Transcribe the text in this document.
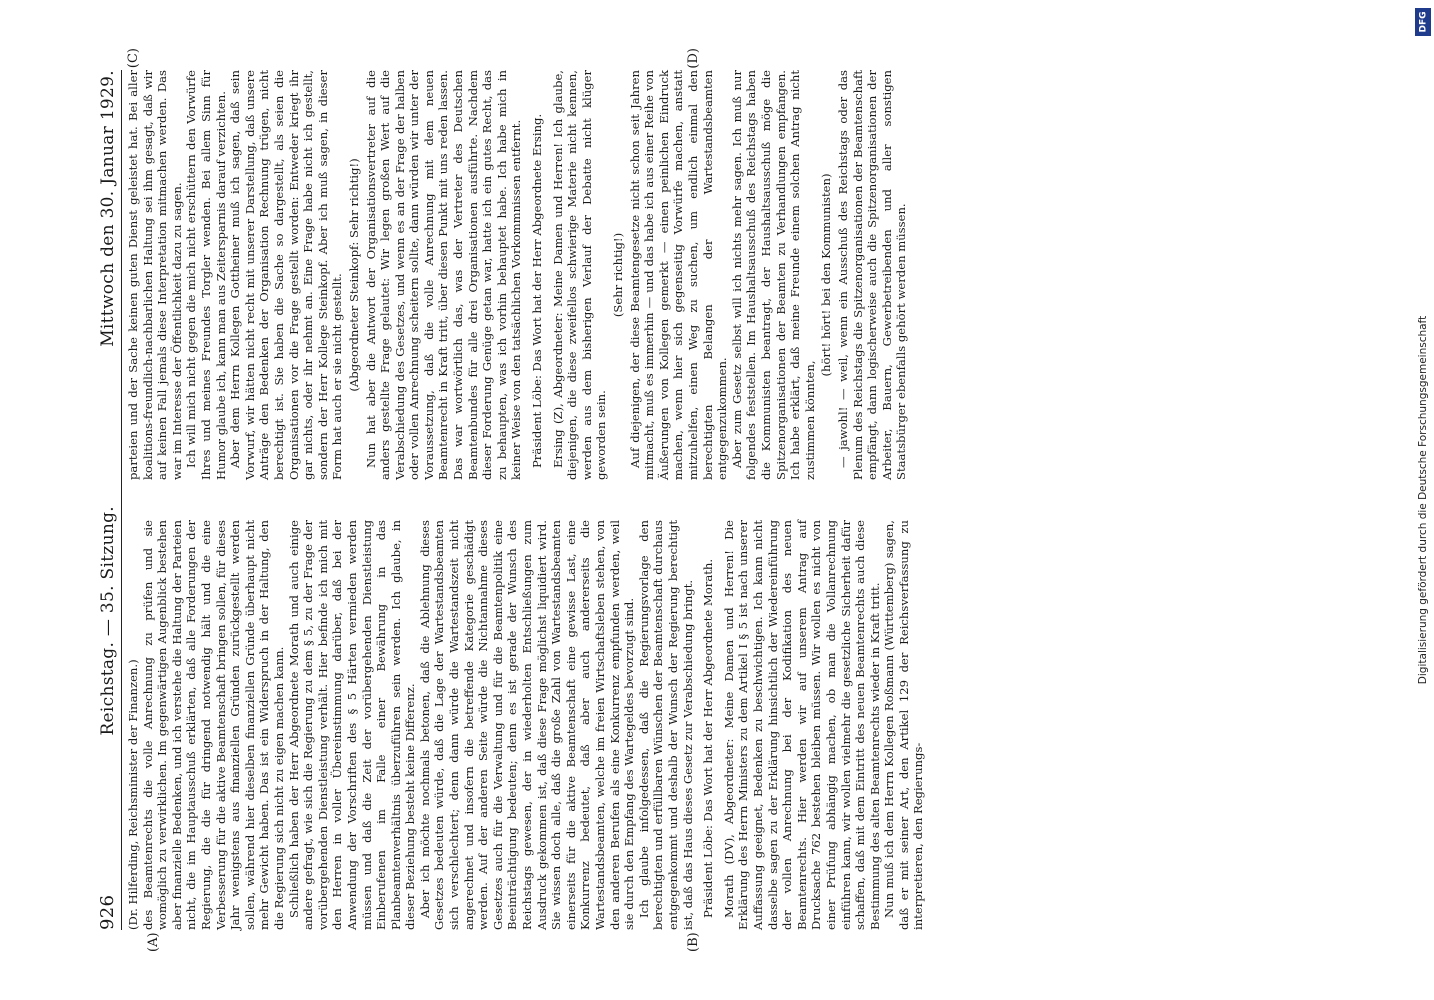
926
Reichstag. — 35. Sitzung.
Mittwoch den 30. Januar 1929.
(A)	(B)
(C)	(D)

(Dr. Hilferding, Reichsminister der Finanzen.) des Beamtenrechts die volle Anrechnung zu prüfen und sie womöglich zu verwirklichen. Im gegenwärtigen Augenblick bestehen aber finanzielle Bedenken, und ich verstehe die Haltung der Parteien nicht, die im Hauptausschuß erklärten, daß alle Forderungen der Regierung, die die für dringend notwendig hält und die eine Verbesserung für die aktive Beamtenschaft bringen sollen, für dieses Jahr wenigstens aus finanziellen Gründen zurückgestellt werden sollen, während hier dieselben finanziellen Gründe überhaupt nicht mehr Gewicht haben. Das ist ein Widerspruch in der Haltung, den die Regierung sich nicht zu eigen machen kann. Schließlich haben der Herr Abgeordnete Morath und auch einige andere gefragt, wie sich die Regierung zu dem § 5, zu der Frage der vorübergehenden Dienstleistung verhält. Hier befinde ich mich mit den Herren in voller Übereinstimmung darüber, daß bei der Anwendung der Vorschriften des § 5 Härten vermieden werden müssen und daß die Zeit der vorübergehenden Dienstleistung Einberufenen im Falle einer Bewährung in das Planbeamtenverhältnis überzuführen sein werden. Ich glaube, in dieser Beziehung besteht keine Differenz. Aber ich möchte nochmals betonen, daß die Ablehnung dieses Gesetzes bedeuten würde, daß die Lage der Wartestandsbeamten sich verschlechtert; denn dann würde die Wartestandszeit nicht angerechnet und insofern die betreffende Kategorie geschädigt werden. Auf der anderen Seite würde die Nichtannahme dieses Gesetzes auch für die Verwaltung und für die Beamtenpolitik eine Beeinträchtigung bedeuten; denn es ist gerade der Wunsch des Reichstags gewesen, der in wiederholten Entschließungen zum Ausdruck gekommen ist, daß diese Frage möglichst liquidiert wird. Sie wissen doch alle, daß die große Zahl von Wartestandsbeamten einerseits für die aktive Beamtenschaft eine gewisse Last, eine Konkurrenz bedeutet, daß aber auch andererseits die Wartestandsbeamten, welche im freien Wirtschaftsleben stehen, von den anderen Berufen als eine Konkurrenz empfunden werden, weil sie durch den Empfang des Wartegeldes bevorzugt sind. Ich glaube infolgedessen, daß die Regierungsvorlage den berechtigten und erfüllbaren Wünschen der Beamtenschaft durchaus entgegenkommt und deshalb der Wunsch der Regierung berechtigt ist, daß das Haus dieses Gesetz zur Verabschiedung bringt. Präsident Löbe: Das Wort hat der Herr Abgeordnete Morath. Morath (DV), Abgeordneter: Meine Damen und Herren! Die Erklärung des Herrn Ministers zu dem Artikel I § 5 ist nach unserer Auffassung geeignet, Bedenken zu beschwichtigen. Ich kann nicht dasselbe sagen zu der Erklärung hinsichtlich der Wiedereinführung der vollen Anrechnung bei der Kodifikation des neuen Beamtenrechts. Hier werden wir auf unserem Antrag auf Drucksache 762 bestehen bleiben müssen. Wir wollen es nicht von einer Prüfung abhängig machen, ob man die Vollanrechnung einführen kann, wir wollen vielmehr die gesetzliche Sicherheit dafür schaffen, daß mit dem Eintritt des neuen Beamtenrechts auch diese Bestimmung des alten Beamtenrechts wieder in Kraft tritt. Nun muß ich dem Herrn Kollegen Roßmann (Württemberg) sagen, daß er mit seiner Art, den Artikel 129 der Reichsverfassung zu interpretieren, den Regierungs-

parteien und der Sache keinen guten Dienst geleistet hat. Bei aller koalitions-freundlich-nachbarlichen Haltung sei ihm gesagt, daß wir auf keinen Fall jemals diese Interpretation mitmachen werden. Das war im Interesse der Öffentlichkeit dazu zu sagen. Ich will mich nicht gegen die mich nicht erschüttern den Vorwürfe Ihres und meines Freundes Torgler wenden. Bei allem Sinn für Humor glaube ich, kann man aus Zeitersparnis darauf verzichten. Aber dem Herrn Kollegen Gottheiner muß ich sagen, daß sein Vorwurf, wir hätten nicht recht mit unserer Darstellung, daß unsere Anträge den Bedenken der Organisation Rechnung trügen, nicht berechtigt ist. Sie haben die Sache so dargestellt, als seien die Organisationen vor die Frage gestellt worden: Entweder kriegt ihr gar nichts, oder ihr nehmt an. Eine Frage habe nicht ich gestellt, sondern der Herr Kollege Steinkopf. Aber ich muß sagen, in dieser Form hat auch er sie nicht gestellt. (Abgeordneter Steinkopf: Sehr richtig!) Nun hat aber die Antwort der Organisationsvertreter auf die anders gestellte Frage gelautet: Wir legen großen Wert auf die Verabschiedung des Gesetzes, und wenn es an der Frage der halben oder vollen Anrechnung scheitern sollte, dann würden wir unter der Voraussetzung, daß die volle Anrechnung mit dem neuen Beamtenrecht in Kraft tritt, über diesen Punkt mit uns reden lassen. Das war wortwörtlich das, was der Vertreter des Deutschen Beamtenbundes für alle drei Organisationen ausführte. Nachdem dieser Forderung Genüge getan war, hatte ich ein gutes Recht, das zu behaupten, was ich vorhin behauptet habe. Ich habe mich in keiner Weise von den tatsächlichen Vorkommnissen entfernt. Präsident Löbe: Das Wort hat der Herr Abgeordnete Ersing. Ersing (Z), Abgeordneter: Meine Damen und Herren! Ich glaube, diejenigen, die diese zweifellos schwierige Materie nicht kennen, werden aus dem bisherigen Verlauf der Debatte nicht klüger geworden sein.

(Sehr richtig!) Auf diejenigen, der diese Beamtengesetze nicht schon seit Jahren mitmacht, muß es immerhin — und das habe ich aus einer Reihe von Äußerungen von Kollegen gemerkt — einen peinlichen Eindruck machen, wenn hier sich gegenseitig Vorwürfe machen, anstatt mitzuhelfen, einen Weg zu suchen, um endlich einmal den berechtigten Belangen der Wartestandsbeamten entgegenzukommen. Aber zum Gesetz selbst will ich nichts mehr sagen. Ich muß nur folgendes feststellen. Im Haushaltsausschuß des Reichstags haben die Kommunisten beantragt, der Haushaltsausschuß möge die Spitzenorganisationen der Beamten zu Verhandlungen empfangen. Ich habe erklärt, daß meine Freunde einem solchen Antrag nicht zustimmen könnten,

(hört! hört! bei den Kommunisten) — jawohl! — weil, wenn ein Ausschuß des Reichstags oder das Plenum des Reichstags die Spitzenorganisationen der Beamtenschaft empfängt, dann logischerweise auch die Spitzenorganisationen der Arbeiter, Bauern, Gewerbetreibenden und aller sonstigen Staatsbürger ebenfalls gehört werden müssen.

DFG
Digitalisierung gefördert durch die Deutsche Forschungsgemeinschaft
